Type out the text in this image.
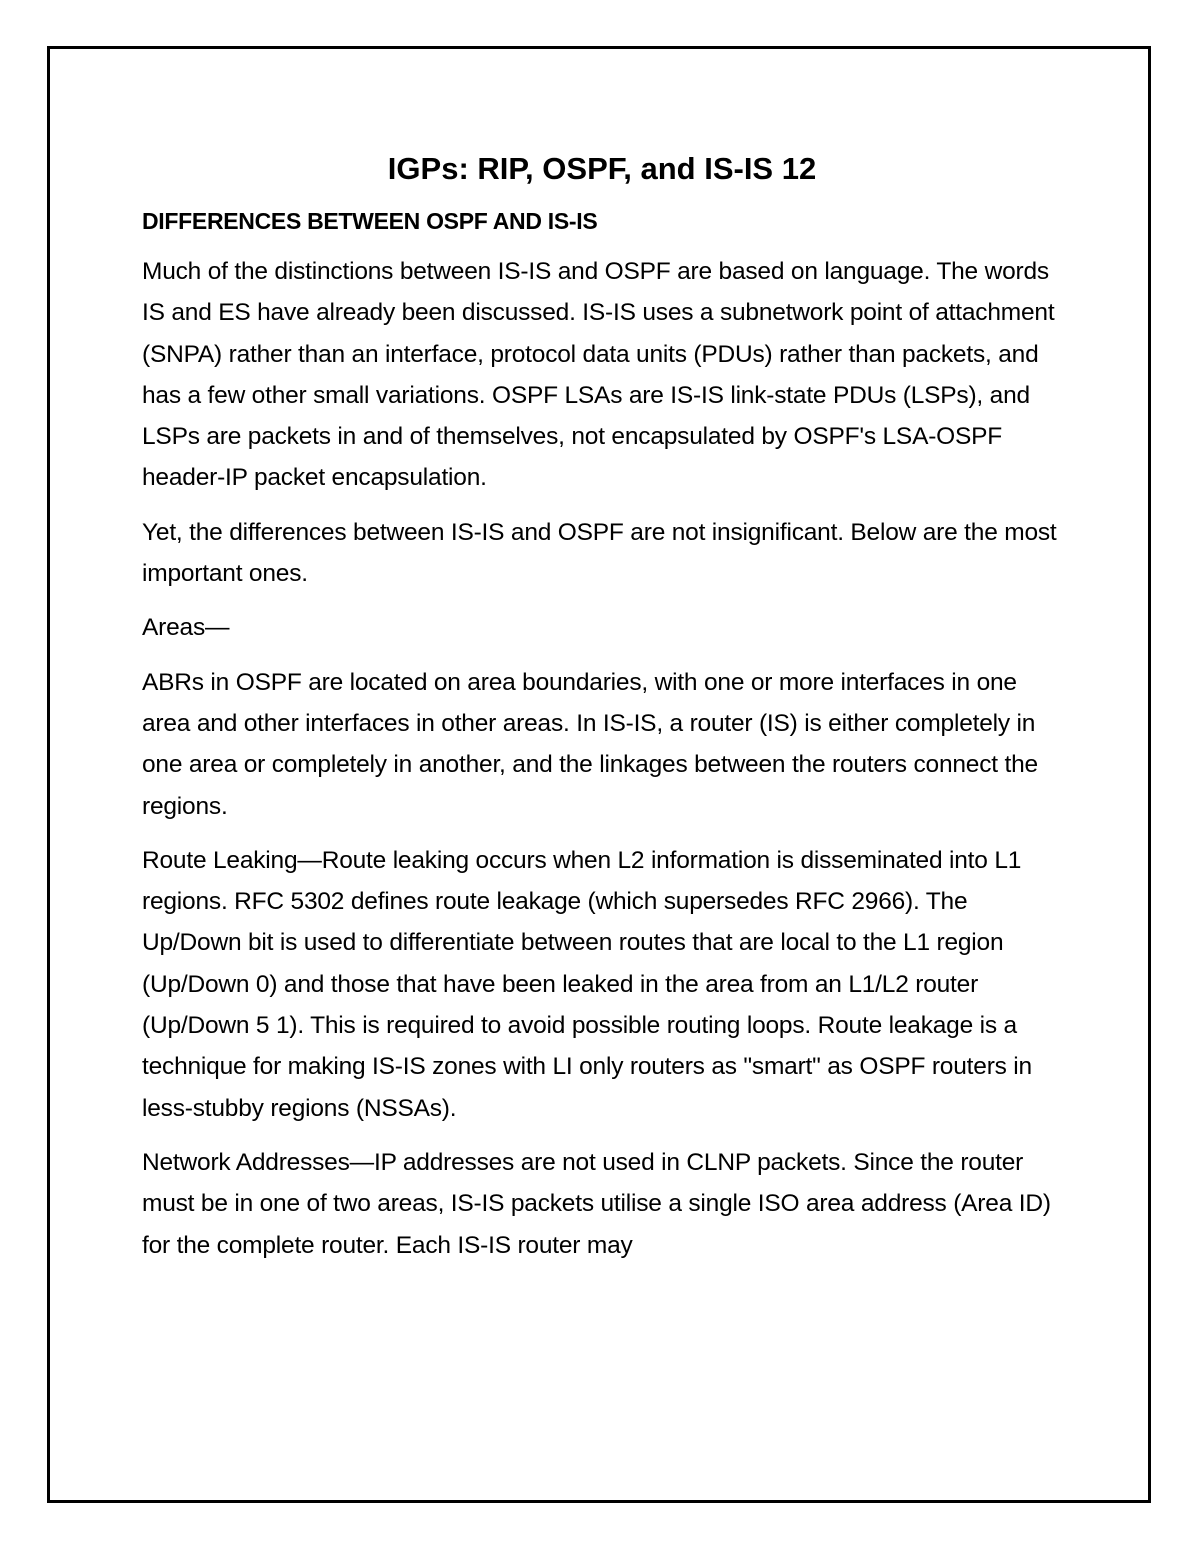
IGPs: RIP, OSPF, and IS-IS 12
DIFFERENCES BETWEEN OSPF AND IS-IS

Much of the distinctions between IS-IS and OSPF are based on language. The words IS and ES have already been discussed. IS-IS uses a subnetwork point of attachment (SNPA) rather than an interface, protocol data units (PDUs) rather than packets, and has a few other small variations. OSPF LSAs are IS-IS link-state PDUs (LSPs), and LSPs are packets in and of themselves, not encapsulated by OSPF's LSA-OSPF header-IP packet encapsulation.

Yet, the differences between IS-IS and OSPF are not insignificant. Below are the most important ones.

Areas—

ABRs in OSPF are located on area boundaries, with one or more interfaces in one area and other interfaces in other areas. In IS-IS, a router (IS) is either completely in one area or completely in another, and the linkages between the routers connect the regions.

Route Leaking—Route leaking occurs when L2 information is disseminated into L1 regions. RFC 5302 defines route leakage (which supersedes RFC 2966). The Up/Down bit is used to differentiate between routes that are local to the L1 region (Up/Down 0) and those that have been leaked in the area from an L1/L2 router (Up/Down 5 1). This is required to avoid possible routing loops. Route leakage is a technique for making IS-IS zones with LI only routers as "smart" as OSPF routers in less-stubby regions (NSSAs).

Network Addresses—IP addresses are not used in CLNP packets. Since the router must be in one of two areas, IS-IS packets utilise a single ISO area address (Area ID) for the complete router. Each IS-IS router may
